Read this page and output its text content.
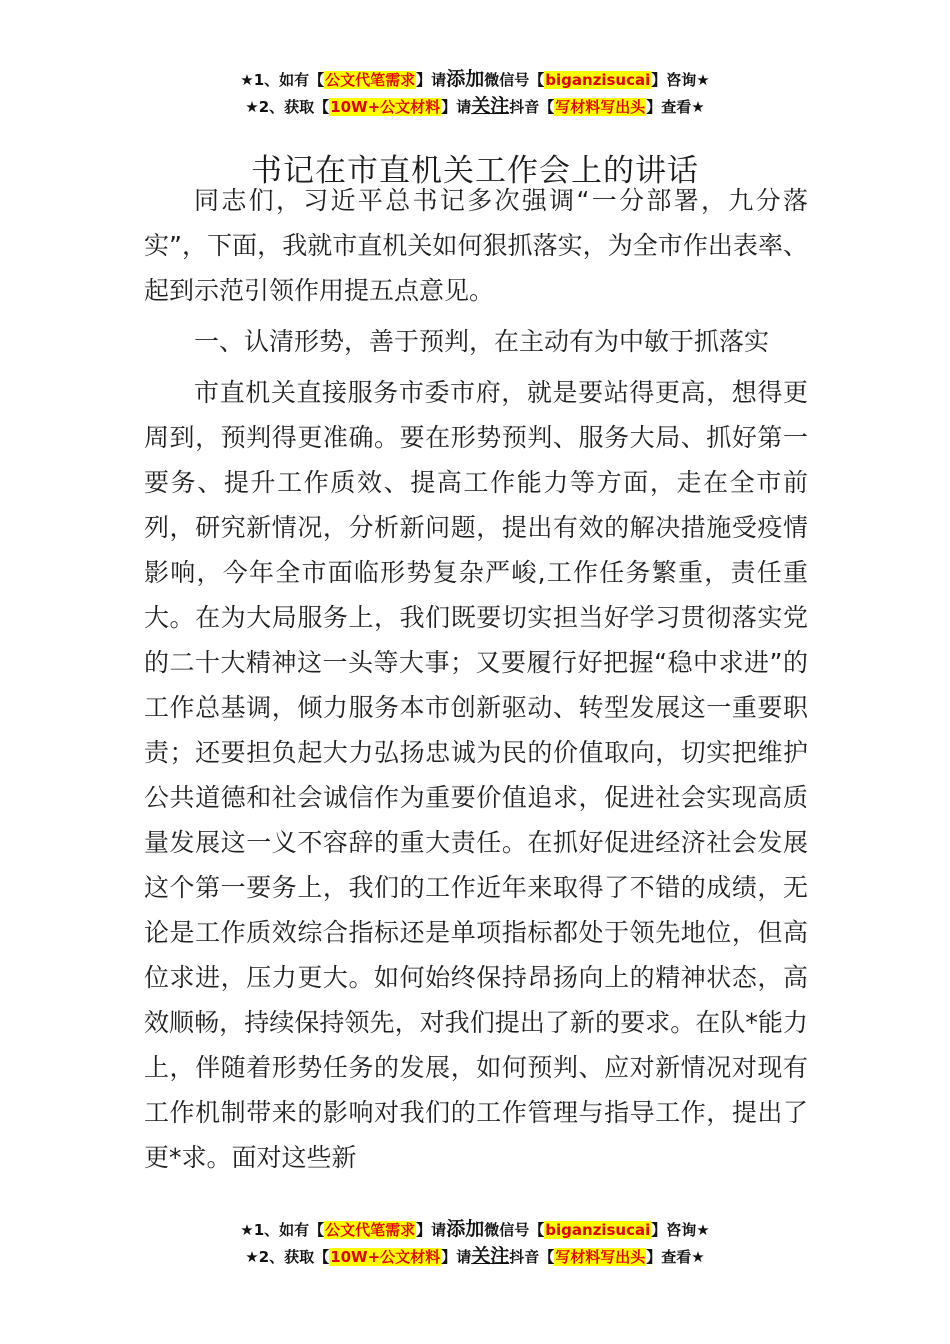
★1、如有【公文代笔需求】请添加微信号【biganzisucai】咨询★
★2、获取【10W+公文材料】请关注抖音【写材料写出头】查看★
书记在市直机关工作会上的讲话

同志们，习近平总书记多次强调“一分部署，九分落实”，下面，我就市直机关如何狠抓落实，为全市作出表率、起到示范引领作用提五点意见。

一、认清形势，善于预判，在主动有为中敏于抓落实

市直机关直接服务市委市府，就是要站得更高，想得更周到，预判得更准确。要在形势预判、服务大局、抓好第一要务、提升工作质效、提高工作能力等方面，走在全市前列，研究新情况，分析新问题，提出有效的解决措施受疫情影响，今年全市面临形势复杂严峻,工作任务繁重，责任重大。在为大局服务上，我们既要切实担当好学习贯彻落实党的二十大精神这一头等大事；又要履行好把握“稳中求进”的工作总基调，倾力服务本市创新驱动、转型发展这一重要职责；还要担负起大力弘扬忠诚为民的价值取向，切实把维护公共道德和社会诚信作为重要价值追求，促进社会实现高质量发展这一义不容辞的重大责任。在抓好促进经济社会发展这个第一要务上，我们的工作近年来取得了不错的成绩，无论是工作质效综合指标还是单项指标都处于领先地位，但高位求进，压力更大。如何始终保持昂扬向上的精神状态，高效顺畅，持续保持领先，对我们提出了新的要求。在队*能力上，伴随着形势任务的发展，如何预判、应对新情况对现有工作机制带来的影响对我们的工作管理与指导工作，提出了更*求。面对这些新

★1、如有【公文代笔需求】请添加微信号【biganzisucai】咨询★
★2、获取【10W+公文材料】请关注抖音【写材料写出头】查看★
